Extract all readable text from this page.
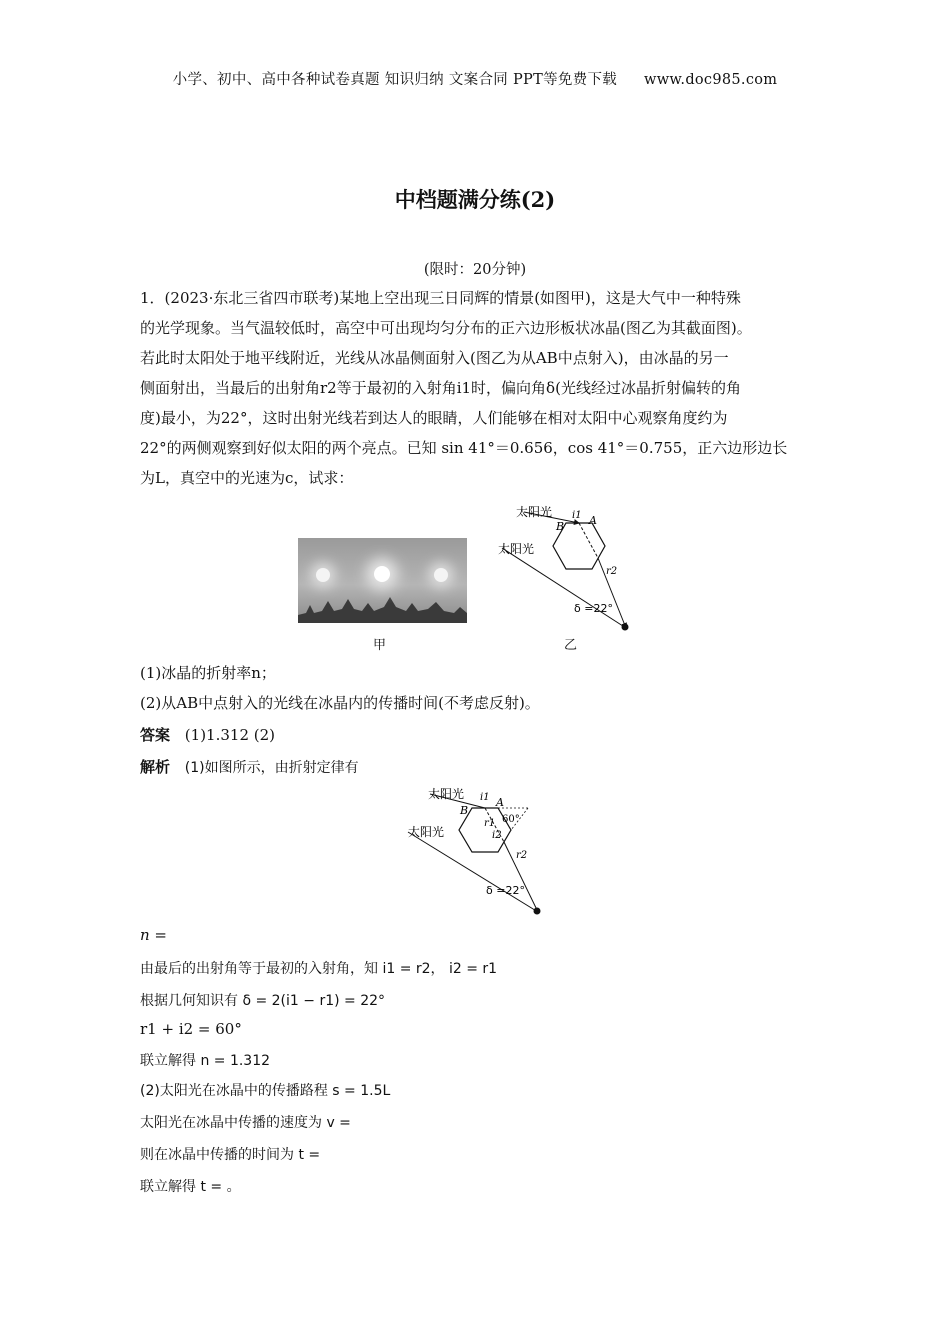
小学、初中、高中各种试卷真题 知识归纳 文案合同 PPT等免费下载 www.doc985.com
中档题满分练(2)
(限时：20分钟)

1．(2023·东北三省四市联考)某地上空出现三日同辉的情景(如图甲)，这是大气中一种特殊

的光学现象。当气温较低时，高空中可出现均匀分布的正六边形板状冰晶(图乙为其截面图)。

若此时太阳处于地平线附近，光线从冰晶侧面射入(图乙为从AB中点射入)，由冰晶的另一

侧面射出，当最后的出射角r2等于最初的入射角i1时，偏向角δ(光线经过冰晶折射偏转的角

度)最小，为22°，这时出射光线若到达人的眼睛，人们能够在相对太阳中心观察角度约为

22°的两侧观察到好似太阳的两个亮点。已知 sin 41°＝0.656，cos 41°＝0.755，正六边形边长

为L，真空中的光速为c，试求：

甲
太阳光
太阳光
B A
i1
r2
δ =22°
乙
(1)冰晶的折射率n；
(2)从AB中点射入的光线在冰晶内的传播时间(不考虑反射)。
答案 (1)1.312 (2)
解析 (1)如图所示，由折射定律有
太阳光
太阳光
B
A
i1
60°
r1
i2
r2
δ =22°
n =
由最后的出射角等于最初的入射角，知 i1 = r2， i2 = r1
根据几何知识有 δ = 2(i1 − r1) = 22°
r1 + i2 = 60°
联立解得 n = 1.312
(2)太阳光在冰晶中的传播路程 s = 1.5L
太阳光在冰晶中传播的速度为 v =
则在冰晶中传播的时间为 t =
联立解得 t = 。
